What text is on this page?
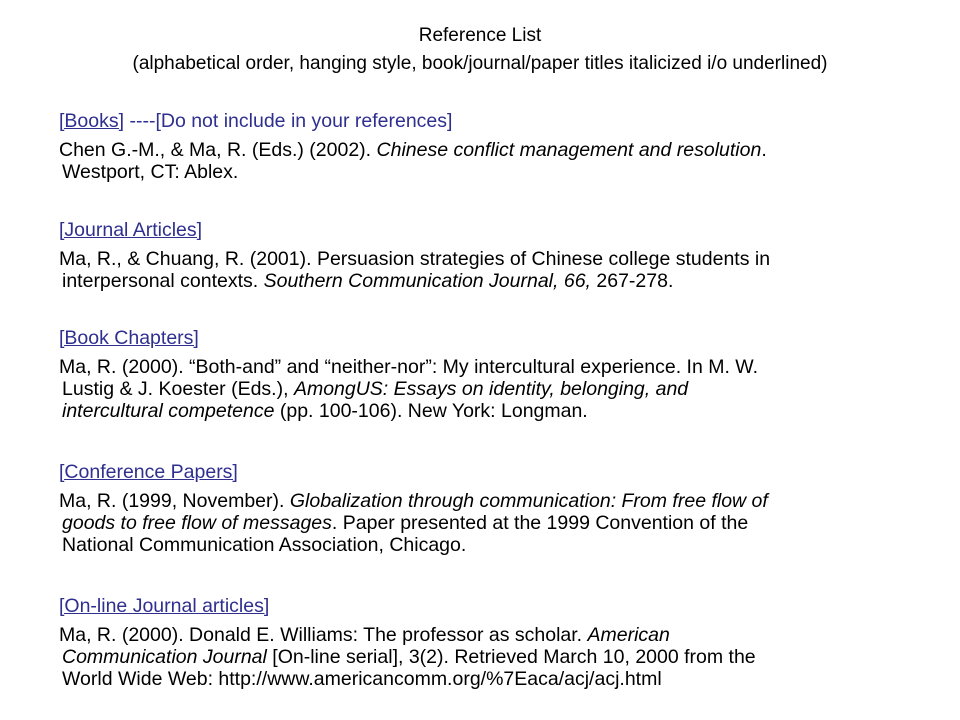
Reference List
(alphabetical order, hanging style, book/journal/paper titles italicized i/o underlined)
[Books] ----[Do not include in your references]
Chen G.-M., & Ma, R. (Eds.) (2002). Chinese conflict management and resolution.
Westport, CT: Ablex.
[Journal Articles]
Ma, R., & Chuang, R. (2001). Persuasion strategies of Chinese college students in
interpersonal contexts. Southern Communication Journal, 66, 267-278.
[Book Chapters]
Ma, R. (2000). “Both-and” and “neither-nor”: My intercultural experience. In M. W.
Lustig & J. Koester (Eds.), AmongUS: Essays on identity, belonging, and
intercultural competence (pp. 100-106). New York: Longman.
[Conference Papers]
Ma, R. (1999, November). Globalization through communication: From free flow of
goods to free flow of messages. Paper presented at the 1999 Convention of the
National Communication Association, Chicago.
[On-line Journal articles]
Ma, R. (2000). Donald E. Williams: The professor as scholar. American
Communication Journal [On-line serial], 3(2). Retrieved March 10, 2000 from the
World Wide Web: http://www.americancomm.org/%7Eaca/acj/acj.html
